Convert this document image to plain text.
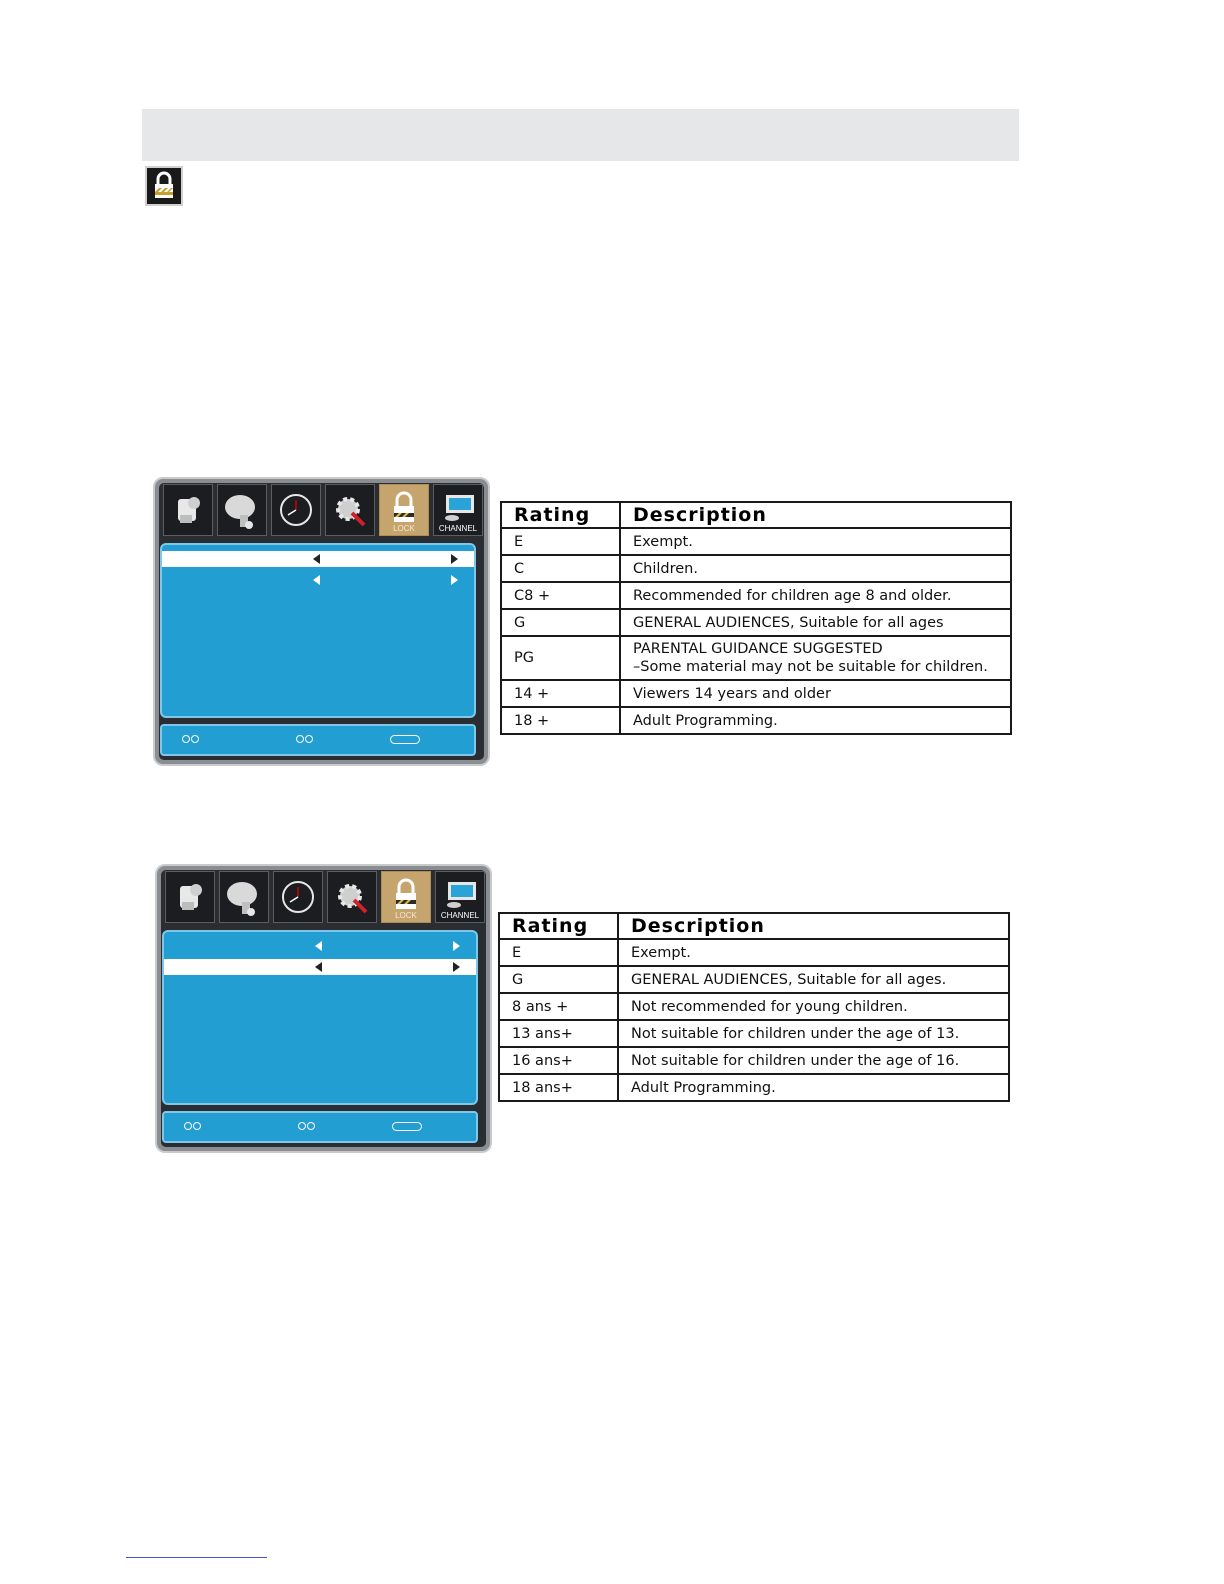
LOCK	CHANNEL
LOCK	CHANNEL
Rating	Description
E	Exempt.
C	Children.
C8 +	Recommended for children age 8 and older.
G	GENERAL AUDIENCES, Suitable for all ages
PG	PARENTAL GUIDANCE SUGGESTED
–Some material may not be suitable for children.

14 +	Viewers 14 years and older
18 +	Adult Programming.
Rating	Description
E	Exempt.
G	GENERAL AUDIENCES, Suitable for all ages.
8 ans +	Not recommended for young children.
13 ans+	Not suitable for children under the age of 13.
16 ans+	Not suitable for children under the age of 16.
18 ans+	Adult Programming.
